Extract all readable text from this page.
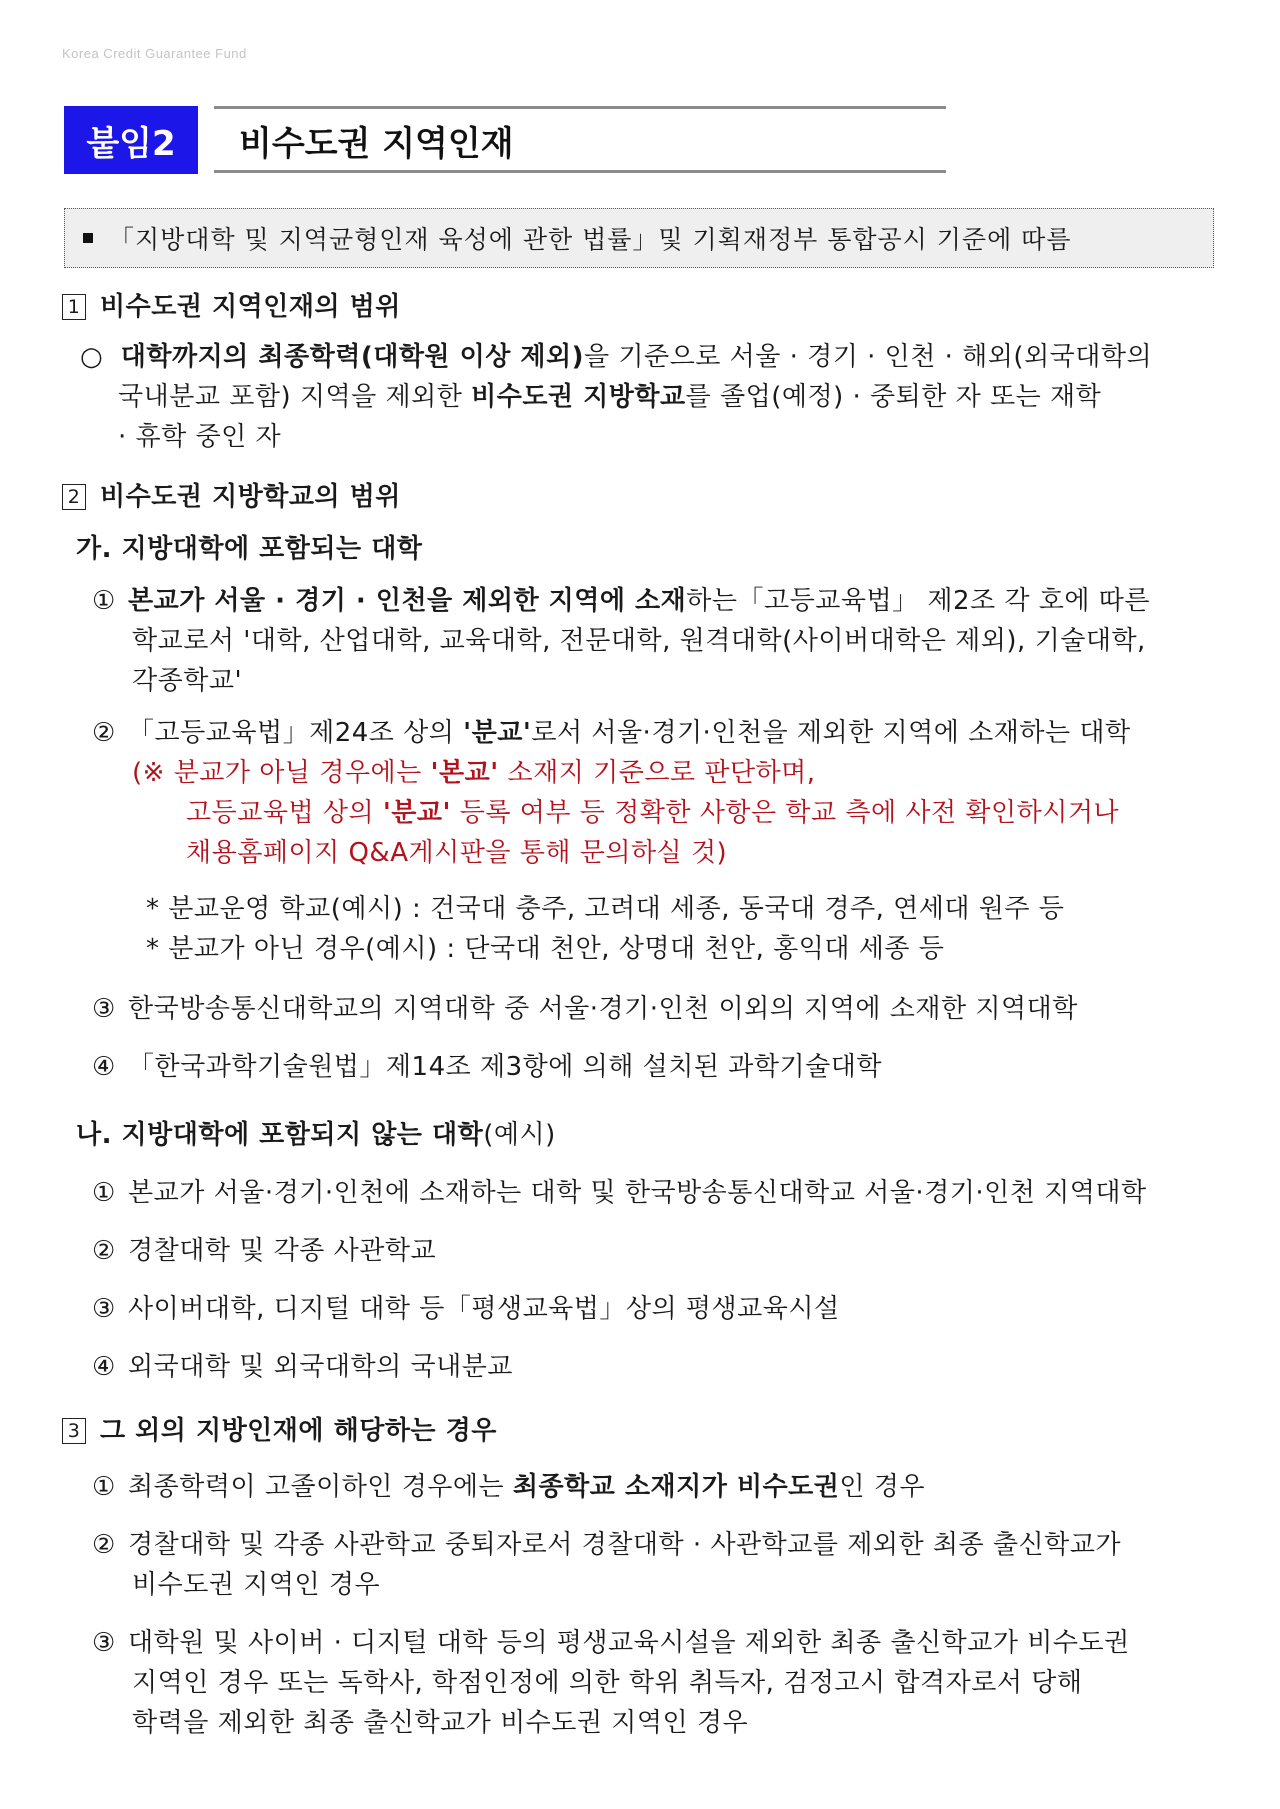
Korea Credit Guarantee Fund
붙임2	비수도권 지역인재
「지방대학 및 지역균형인재 육성에 관한 법률」및 기획재정부 통합공시 기준에 따름
1 비수도권 지역인재의 범위
○ 대학까지의 최종학력(대학원 이상 제외)을 기준으로 서울 · 경기 · 인천 · 해외(외국대학의
국내분교 포함) 지역을 제외한 비수도권 지방학교를 졸업(예정) · 중퇴한 자 또는 재학
· 휴학 중인 자
2 비수도권 지방학교의 범위
가. 지방대학에 포함되는 대학
① 본교가 서울 · 경기 · 인천을 제외한 지역에 소재하는「고등교육법」 제2조 각 호에 따른
학교로서 '대학, 산업대학, 교육대학, 전문대학, 원격대학(사이버대학은 제외), 기술대학,
각종학교'
② 「고등교육법」제24조 상의 '분교'로서 서울·경기·인천을 제외한 지역에 소재하는 대학
(※ 분교가 아닐 경우에는 '본교' 소재지 기준으로 판단하며,
고등교육법 상의 '분교' 등록 여부 등 정확한 사항은 학교 측에 사전 확인하시거나
채용홈페이지 Q&A게시판을 통해 문의하실 것)
* 분교운영 학교(예시) : 건국대 충주, 고려대 세종, 동국대 경주, 연세대 원주 등
* 분교가 아닌 경우(예시) : 단국대 천안, 상명대 천안, 홍익대 세종 등
③ 한국방송통신대학교의 지역대학 중 서울·경기·인천 이외의 지역에 소재한 지역대학
④ 「한국과학기술원법」제14조 제3항에 의해 설치된 과학기술대학
나. 지방대학에 포함되지 않는 대학(예시)
① 본교가 서울·경기·인천에 소재하는 대학 및 한국방송통신대학교 서울·경기·인천 지역대학
② 경찰대학 및 각종 사관학교
③ 사이버대학, 디지털 대학 등「평생교육법」상의 평생교육시설
④ 외국대학 및 외국대학의 국내분교
3 그 외의 지방인재에 해당하는 경우
① 최종학력이 고졸이하인 경우에는 최종학교 소재지가 비수도권인 경우
② 경찰대학 및 각종 사관학교 중퇴자로서 경찰대학 · 사관학교를 제외한 최종 출신학교가
비수도권 지역인 경우
③ 대학원 및 사이버 · 디지털 대학 등의 평생교육시설을 제외한 최종 출신학교가 비수도권
지역인 경우 또는 독학사, 학점인정에 의한 학위 취득자, 검정고시 합격자로서 당해
학력을 제외한 최종 출신학교가 비수도권 지역인 경우
